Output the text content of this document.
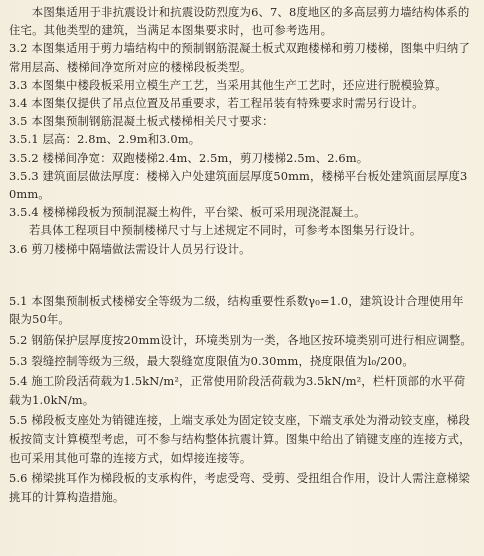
本图集适用于非抗震设计和抗震设防烈度为6、7、8度地区的多高层剪力墙结构体系的住宅。其他类型的建筑，当满足本图集要求时，也可参考选用。

3.2 本图集适用于剪力墙结构中的预制钢筋混凝土板式双跑楼梯和剪刀楼梯，图集中归纳了常用层高、楼梯间净宽所对应的楼梯段板类型。

3.3 本图集中楼段板采用立模生产工艺，当采用其他生产工艺时，还应进行脱模验算。

3.4 本图集仅提供了吊点位置及吊重要求，若工程吊装有特殊要求时需另行设计。

3.5 本图集预制钢筋混凝土板式楼梯相关尺寸要求：

3.5.1 层高：2.8m、2.9m和3.0m。

3.5.2 楼梯间净宽：双跑楼梯2.4m、2.5m，剪刀楼梯2.5m、2.6m。

3.5.3 建筑面层做法厚度：楼梯入户处建筑面层厚度50mm，楼梯平台板处建筑面层厚度30mm。

3.5.4 楼梯梯段板为预制混凝土构件，平台梁、板可采用现浇混凝土。

若具体工程项目中预制楼梯尺寸与上述规定不同时，可参考本图集另行设计。

3.6 剪刀楼梯中隔墙做法需设计人员另行设计。

5.1 本图集预制板式楼梯安全等级为二级，结构重要性系数γ₀=1.0，建筑设计合理使用年限为50年。

5.2 钢筋保护层厚度按20mm设计，环境类别为一类，各地区按环境类别可进行相应调整。

5.3 裂缝控制等级为三级，最大裂缝宽度限值为0.30mm，挠度限值为l₀/200。

5.4 施工阶段活荷载为1.5kN/m²，正常使用阶段活荷载为3.5kN/m²，栏杆顶部的水平荷载为1.0kN/m。

5.5 梯段板支座处为销键连接，上端支承处为固定铰支座，下端支承处为滑动铰支座，梯段板按简支计算模型考虑，可不参与结构整体抗震计算。图集中给出了销键支座的连接方式，也可采用其他可靠的连接方式，如焊接连接等。

5.6 梯梁挑耳作为梯段板的支承构件，考虑受弯、受剪、受扭组合作用，设计人需注意梯梁挑耳的计算构造措施。
